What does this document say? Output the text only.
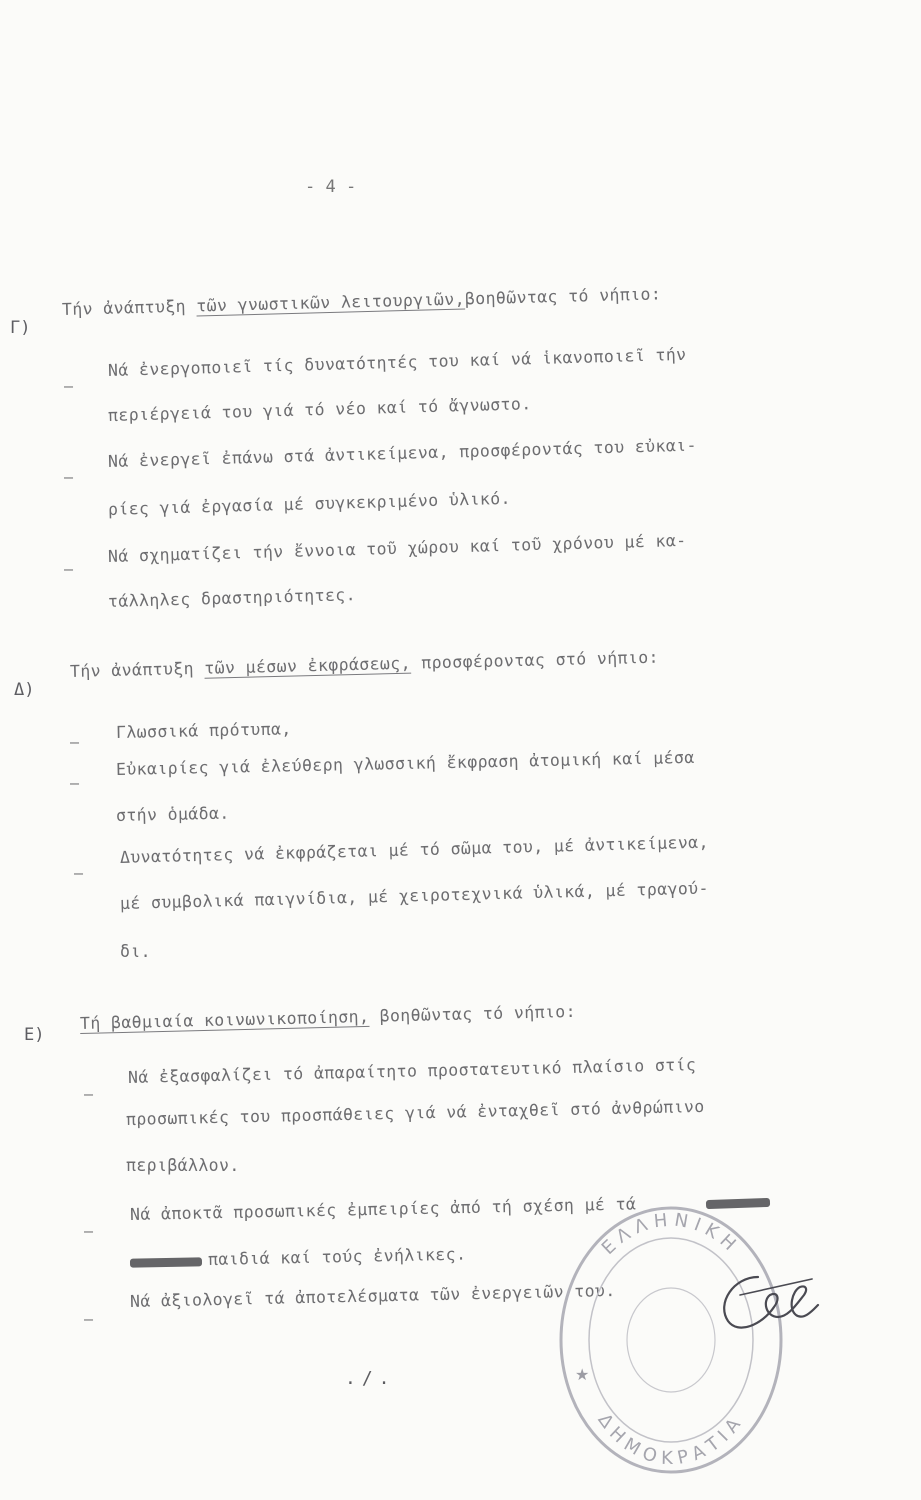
- 4 -
Γ)
Τήν ἀνάπτυξη τῶν γνωστικῶν λειτουργιῶν,βοηθῶντας τό νήπιο:
–
Νά ἐνεργοποιεῖ τίς δυνατότητές του καί νά ἱκανοποιεῖ τήν
περιέργειά του γιά τό νέο καί τό ἄγνωστο.
–
Νά ἐνεργεῖ ἐπάνω στά ἀντικείμενα, προσφέροντάς του εὐκαι-
ρίες γιά ἐργασία μέ συγκεκριμένο ὑλικό.
–
Νά σχηματίζει τήν ἔννοια τοῦ χώρου καί τοῦ χρόνου μέ κα-
τάλληλες δραστηριότητες.
Δ)
Τήν ἀνάπτυξη τῶν μέσων ἐκφράσεως, προσφέροντας στό νήπιο:
–
Γλωσσικά πρότυπα,
–
Εὐκαιρίες γιά ἐλεύθερη γλωσσική ἔκφραση ἀτομική καί μέσα
στήν ὁμάδα.
–
Δυνατότητες νά ἐκφράζεται μέ τό σῶμα του, μέ ἀντικείμενα,
μέ συμβολικά παιγνίδια, μέ χειροτεχνικά ὑλικά, μέ τραγού-
δι.
Ε)
Τή βαθμιαία κοινωνικοποίηση, βοηθῶντας τό νήπιο:
–
Νά ἐξασφαλίζει τό ἀπαραίτητο προστατευτικό πλαίσιο στίς
προσωπικές του προσπάθειες γιά νά ἐνταχθεῖ στό ἀνθρώπινο
περιβάλλον.
–
Νά ἀποκτᾶ προσωπικές ἐμπειρίες ἀπό τή σχέση μέ τά
παιδιά καί τούς ἐνήλικες.
–
Νά ἀξιολογεῖ τά ἀποτελέσματα τῶν ἐνεργειῶν του.
ΕΛΛΗΝΙΚΗ
ΔΗΜΟΚΡΑΤΙΑ
★
./.
